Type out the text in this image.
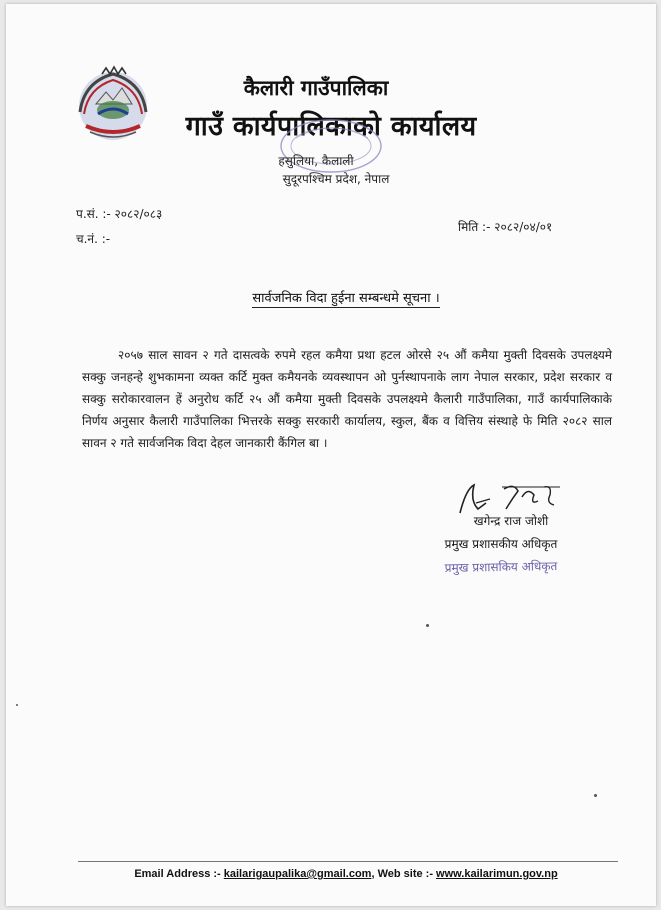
कैलारी गाउँपालिका
गाउँ कार्यपालिकाको कार्यालय
हसुलिया, कैलाली
सुदूरपश्चिम प्रदेश, नेपाल
प.सं. :- २०८२/०८३
च.नं. :-
मिति :- २०८२/०४/०१
सार्वजनिक विदा हुईना सम्बन्धमे सूचना ।
२०५७ साल सावन २ गते दासत्वके रुपमे रहल कमैया प्रथा हटल ओरसे २५ औं कमैया मुक्ती दिवसके उपलक्ष्यमे सक्कु जनहन्हे शुभकामना व्यक्त कर्टि मुक्त कमैयनके व्यवस्थापन ओ पुर्नस्थापनाके लाग नेपाल सरकार, प्रदेश सरकार व सक्कु सरोकारवालन हें अनुरोध कर्टि २५ औं कमैया मुक्ती दिवसके उपलक्ष्यमे कैलारी गाउँपालिका, गाउँ कार्यपालिकाके निर्णय अनुसार कैलारी गाउँपालिका भित्तरके सक्कु सरकारी कार्यालय, स्कुल, बैंक व वित्तिय संस्थाहे फे मिति २०८२ साल सावन २ गते सार्वजनिक विदा देहल जानकारी कैंगिल बा ।
खगेन्द्र राज जोशी
प्रमुख प्रशासकीय अधिकृत
प्रमुख प्रशासकिय अधिकृत
Email Address :- kailarigaupalika@gmail.com, Web site :- www.kailarimun.gov.np
